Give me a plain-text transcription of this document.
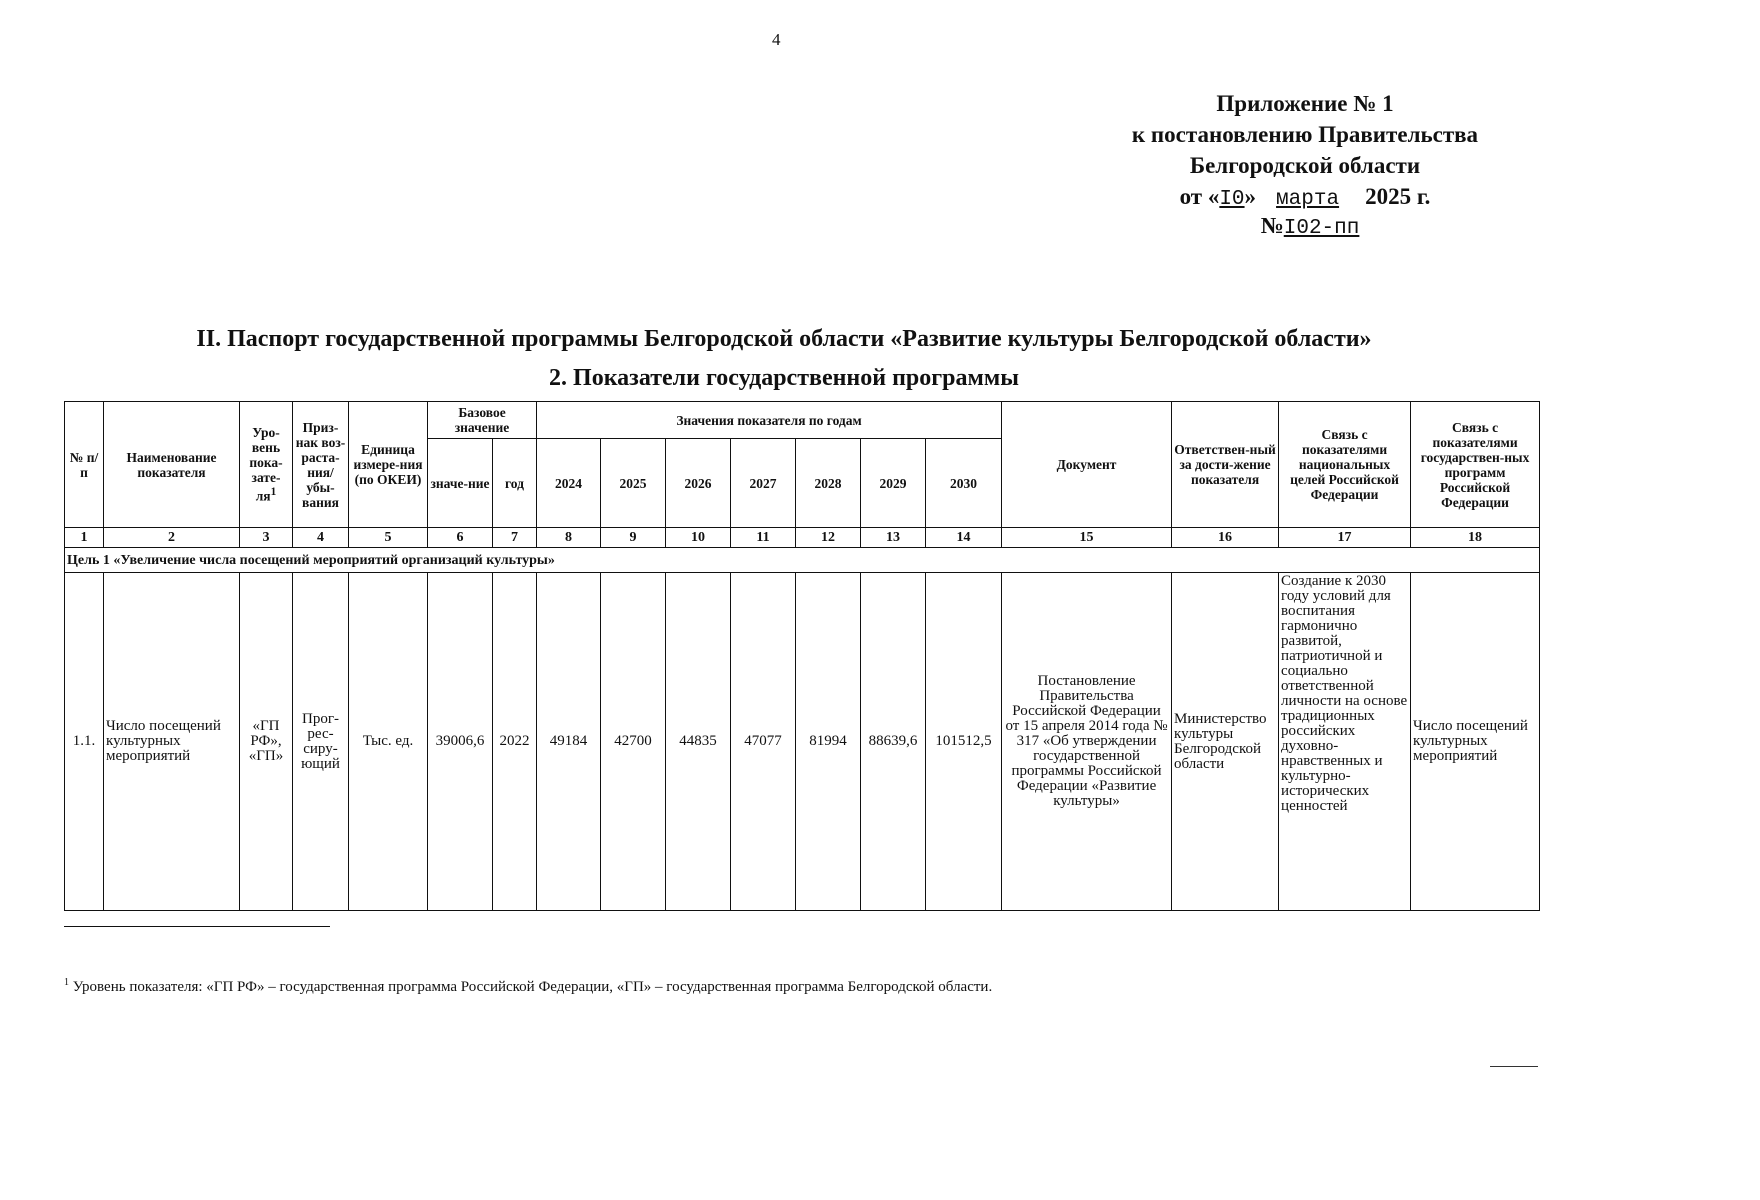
4
Приложение № 1
к постановлению Правительства
Белгородской области
от «I0» марта 2025 г.
№I02-пп
II. Паспорт государственной программы Белгородской области «Развитие культуры Белгородской области»
2. Показатели государственной программы
№ п/п	Наименование показателя	Уро-вень пока-$зате-ля^1$	Приз-нак воз-раста-ния/ убы-вания	Единица измере-ния (по ОКЕИ)	Базовое значение		Значения показателя по годам							Документ	Ответствен-ный за дости-жение показателя	Связь с показателями национальных целей Российской Федерации	Связь с показателями государствен-ных программ Российской Федерации
					значе-ние	год	2024	2025	2026	2027	2028	2029	2030				
1	2	3	4	5	6	7	8	9	10	11	12	13	14	15	16	17	18
Цель 1 «Увеличение числа посещений мероприятий организаций культуры»																	
1.1.	Число посещений культурных мероприятий	«ГП РФ», «ГП»	Прог-рес-сиру-ющий	Тыс. ед.	39006,6	2022	49184	42700	44835	47077	81994	88639,6	101512,5	Постановление Правительства Российской Федерации от 15 апреля 2014 года № 317 «Об утверждении государственной программы Российской Федерации «Развитие культуры»	Министерство культуры Белгородской области	Создание к 2030 году условий для воспитания гармонично развитой, патриотичной и социально ответственной личности на основе традиционных российских духовно-нравственных и культурно-исторических ценностей	Число посещений культурных мероприятий
$^1$ Уровень показателя: «ГП РФ» – государственная программа Российской Федерации, «ГП» – государственная программа Белгородской области.
